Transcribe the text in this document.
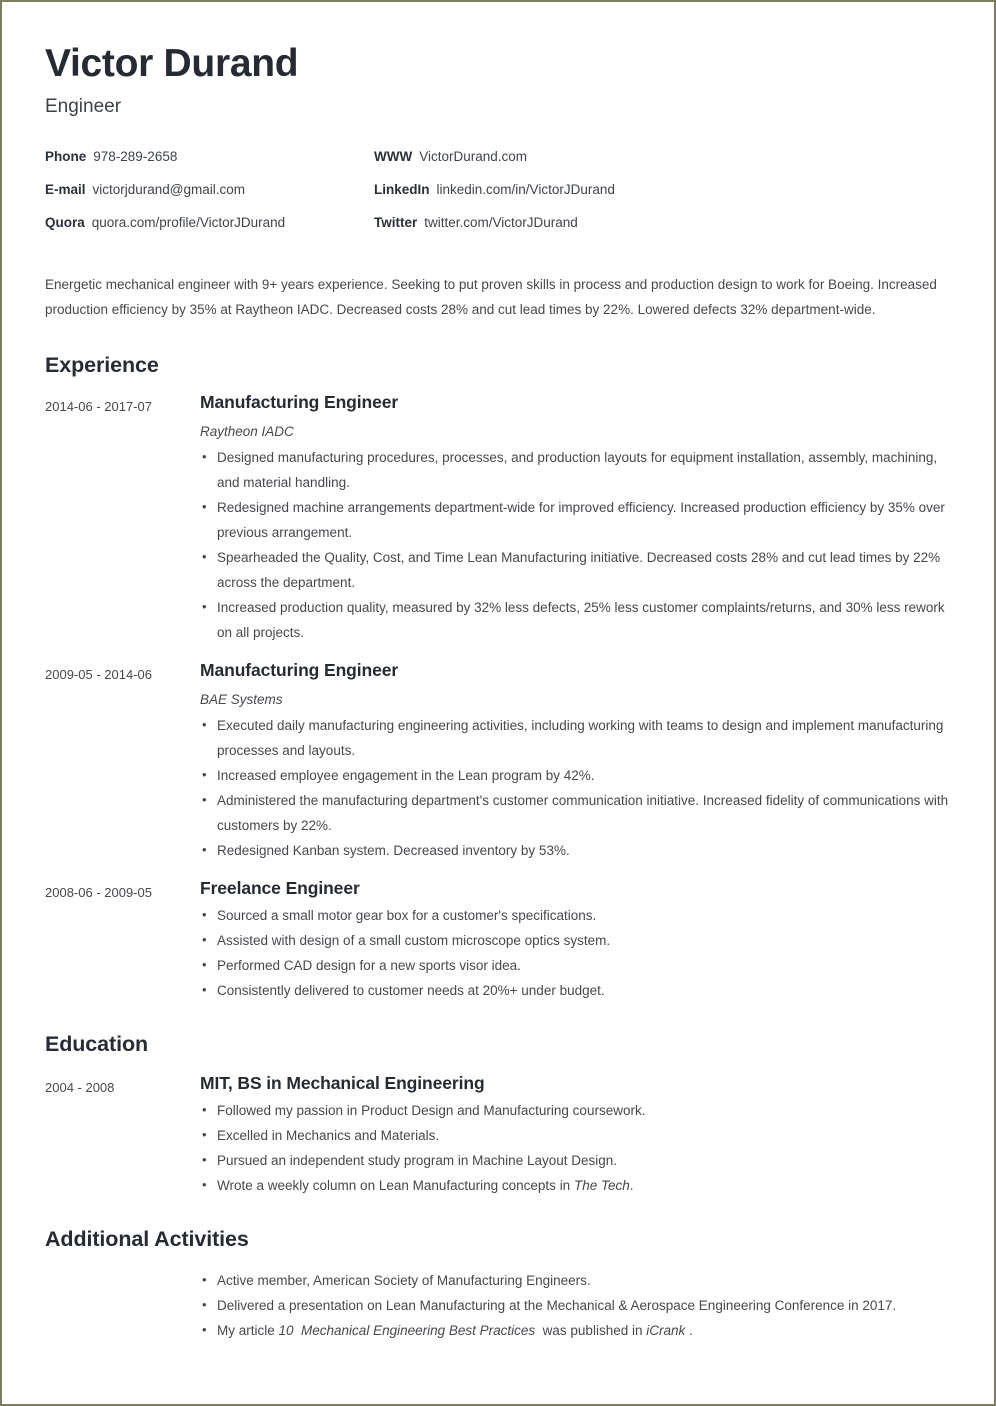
Victor Durand
Engineer
Phone 978-289-2658	WWW VictorDurand.com
E-mail victorjdurand@gmail.com	LinkedIn linkedin.com/in/VictorJDurand
Quora quora.com/profile/VictorJDurand	Twitter twitter.com/VictorJDurand

Energetic mechanical engineer with 9+ years experience. Seeking to put proven skills in process and production design to work for Boeing. Increased production efficiency by 35% at Raytheon IADC. Decreased costs 28% and cut lead times by 22%. Lowered defects 32% department-wide.

Experience
2014-06 - 2017-07	Manufacturing Engineer
Raytheon IADC
• Designed manufacturing procedures, processes, and production layouts for equipment installation, assembly, machining, and material handling.
• Redesigned machine arrangements department-wide for improved efficiency. Increased production efficiency by 35% over previous arrangement.
• Spearheaded the Quality, Cost, and Time Lean Manufacturing initiative. Decreased costs 28% and cut lead times by 22% across the department.
• Increased production quality, measured by 32% less defects, 25% less customer complaints/returns, and 30% less rework on all projects.
2009-05 - 2014-06	Manufacturing Engineer
BAE Systems
• Executed daily manufacturing engineering activities, including working with teams to design and implement manufacturing processes and layouts.
• Increased employee engagement in the Lean program by 42%.
• Administered the manufacturing department's customer communication initiative. Increased fidelity of communications with customers by 22%.
• Redesigned Kanban system. Decreased inventory by 53%.
2008-06 - 2009-05	Freelance Engineer
• Sourced a small motor gear box for a customer's specifications.
• Assisted with design of a small custom microscope optics system.
• Performed CAD design for a new sports visor idea.
• Consistently delivered to customer needs at 20%+ under budget.
Education
2004 - 2008	MIT, BS in Mechanical Engineering
• Followed my passion in Product Design and Manufacturing coursework.
• Excelled in Mechanics and Materials.
• Pursued an independent study program in Machine Layout Design.
• Wrote a weekly column on Lean Manufacturing concepts in The Tech.
Additional Activities
• Active member, American Society of Manufacturing Engineers.
• Delivered a presentation on Lean Manufacturing at the Mechanical & Aerospace Engineering Conference in 2017.
• My article 10  Mechanical Engineering Best Practices  was published in iCrank .
